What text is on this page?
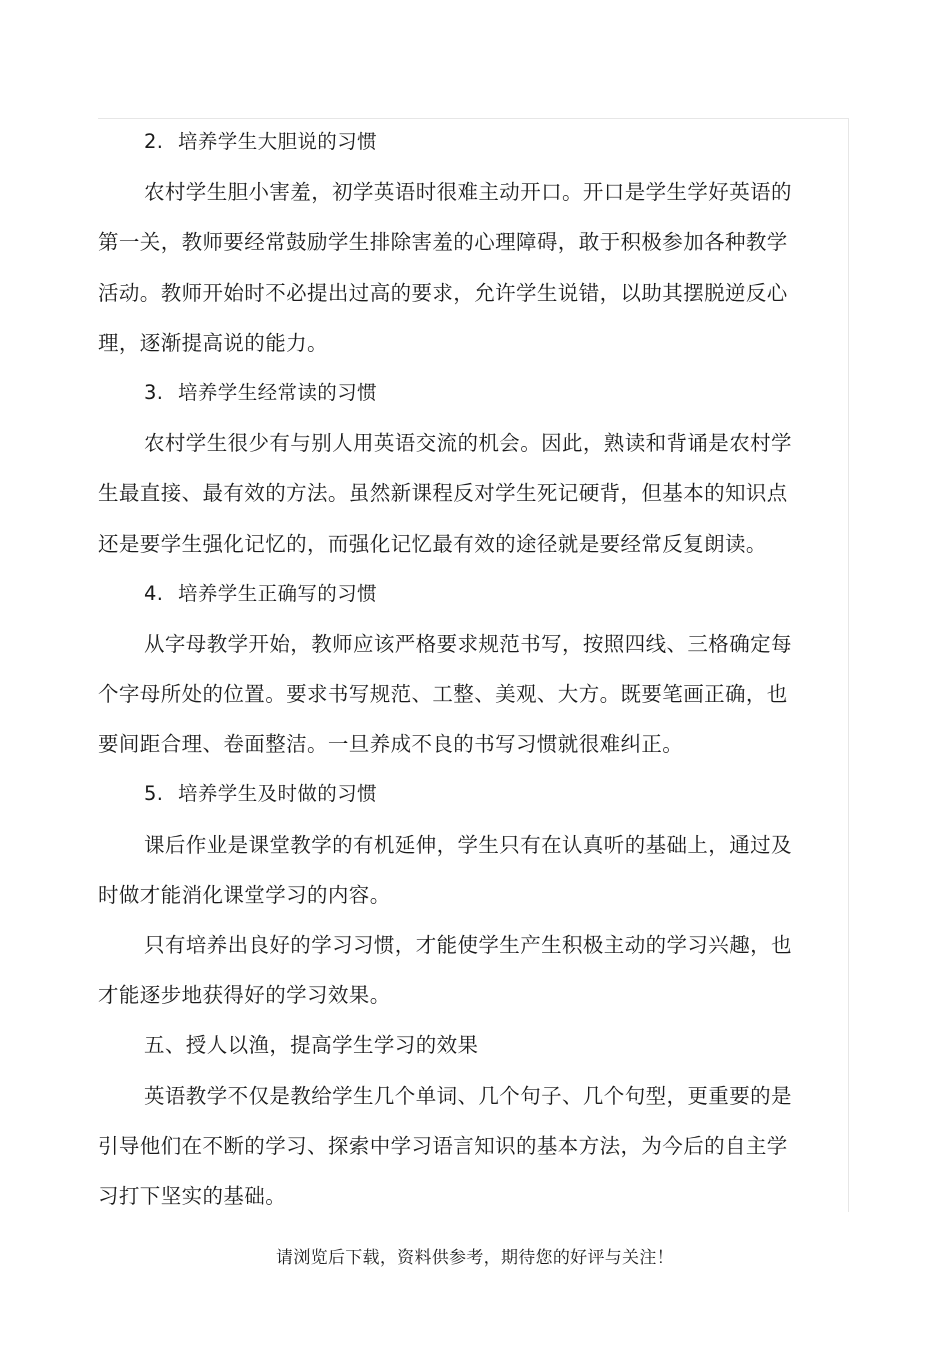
2. 培养学生大胆说的习惯
农村学生胆小害羞，初学英语时很难主动开口。开口是学生学好英语的
第一关，教师要经常鼓励学生排除害羞的心理障碍，敢于积极参加各种教学
活动。教师开始时不必提出过高的要求，允许学生说错，以助其摆脱逆反心
理，逐渐提高说的能力。
3. 培养学生经常读的习惯
农村学生很少有与别人用英语交流的机会。因此，熟读和背诵是农村学
生最直接、最有效的方法。虽然新课程反对学生死记硬背，但基本的知识点
还是要学生强化记忆的，而强化记忆最有效的途径就是要经常反复朗读。
4. 培养学生正确写的习惯
从字母教学开始，教师应该严格要求规范书写，按照四线、三格确定每
个字母所处的位置。要求书写规范、工整、美观、大方。既要笔画正确，也
要间距合理、卷面整洁。一旦养成不良的书写习惯就很难纠正。
5. 培养学生及时做的习惯
课后作业是课堂教学的有机延伸，学生只有在认真听的基础上，通过及
时做才能消化课堂学习的内容。
只有培养出良好的学习习惯，才能使学生产生积极主动的学习兴趣，也
才能逐步地获得好的学习效果。
五、授人以渔，提高学生学习的效果
英语教学不仅是教给学生几个单词、几个句子、几个句型，更重要的是
引导他们在不断的学习、探索中学习语言知识的基本方法，为今后的自主学
习打下坚实的基础。
请浏览后下载，资料供参考，期待您的好评与关注！
